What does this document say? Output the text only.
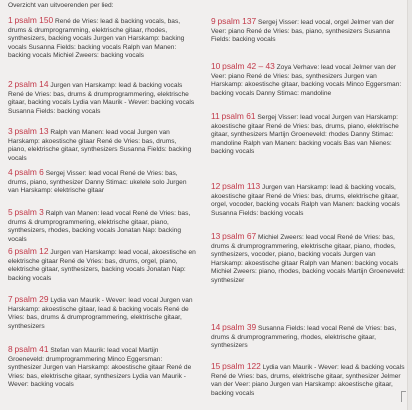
Overzicht van uitvoerenden per lied:
1 psalm 150 René de Vries: lead & backing vocals, bas, drums & drumprogramming, elektrische gitaar, rhodes, synthesizers, backing vocals Jurgen van Harskamp: backing vocals Susanna Fields: backing vocals Ralph van Manen: backing vocals Michiel Zweers: backing vocals
2 psalm 14 Jurgen van Harskamp: lead & backing vocals René de Vries: bas, drums & drumprogrammering, elektrische gitaar, backing vocals Lydia van Maurik - Wever: backing vocals Susanna Fields: backing vocals
3 psalm 13 Ralph van Manen: lead vocal Jurgen van Harskamp: akoestische gitaar René de Vries: bas, drums, piano, elektrische gitaar, synthesizers Susanna Fields: backing vocals
4 psalm 6 Sergej Visser: lead vocal René de Vries: bas, drums, piano, synthesizer Danny Stimac: ukelele solo Jurgen van Harskamp: elektrische gitaar
5 psalm 3 Ralph van Manen: lead vocal René de Vries: bas, drums & drumprogrammering, elektrische gitaar, piano, synthesizers, rhodes, backing vocals Jonatan Nap: backing vocals
6 psalm 12 Jurgen van Harskamp: lead vocal, akoestische en elektrische gitaar René de Vries: bas, drums, orgel, piano, elektrische gitaar, synthesizers, backing vocals Jonatan Nap: backing vocals
7 psalm 29 Lydia van Maurik - Wever: lead vocal Jurgen van Harskamp: akoestische gitaar, lead & backing vocals René de Vries: bas, drums & drumprogrammering, elektrische gitaar, synthesizers
8 psalm 41 Stefan van Maurik: lead vocal Martijn Groeneveld: drumprogrammering Minco Eggersman: synthesizer Jurgen van Harskamp: akoestische gitaar René de Vries: bas, elektrische gitaar, synthesizers Lydia van Maurik - Wever: backing vocals
9 psalm 137 Sergej Visser: lead vocal, orgel Jelmer van der Veer: piano René de Vries: bas, piano, synthesizers Susanna Fields: backing vocals
10 psalm 42 – 43 Zoya Verhave: lead vocal Jelmer van der Veer: piano René de Vries: bas, synthesizers Jurgen van Harskamp: akoestische gitaar, backing vocals Minco Eggersman: backing vocals Danny Stimac: mandoline
11 psalm 61 Sergej Visser: lead vocal Jurgen van Harskamp: akoestische gitaar René de Vries: bas, drums, piano, elektrische gitaar, synthesizers Martijn Groeneveld: rhodes Danny Stimac: mandoline Ralph van Manen: backing vocals Bas van Nienes: backing vocals
12 psalm 113 Jurgen van Harskamp: lead & backing vocals, akoestische gitaar René de Vries: bas, drums, elektrische gitaar, orgel, vocoder, backing vocals Ralph van Manen: backing vocals Susanna Fields: backing vocals
13 psalm 67 Michiel Zweers: lead vocal René de Vries: bas, drums & drumprogrammering, elektrische gitaar, piano, rhodes, synthesizers, vocoder, piano, backing vocals Jurgen van Harskamp: akoestische gitaar Ralph van Manen: backing vocals Michiel Zweers: piano, rhodes, backing vocals Martijn Groeneveld: synthesizer
14 psalm 39 Susanna Fields: lead vocal René de Vries: bas, drums & drumprogrammering, rhodes, elektrische gitaar, synthesizers
15 psalm 122 Lydia van Maurik - Wever: lead & backing vocals René de Vries: bas, drums, elektrische gitaar, synthesizer Jelmer van der Veer: piano Jurgen van Harskamp: akoestische gitaar, backing vocals
